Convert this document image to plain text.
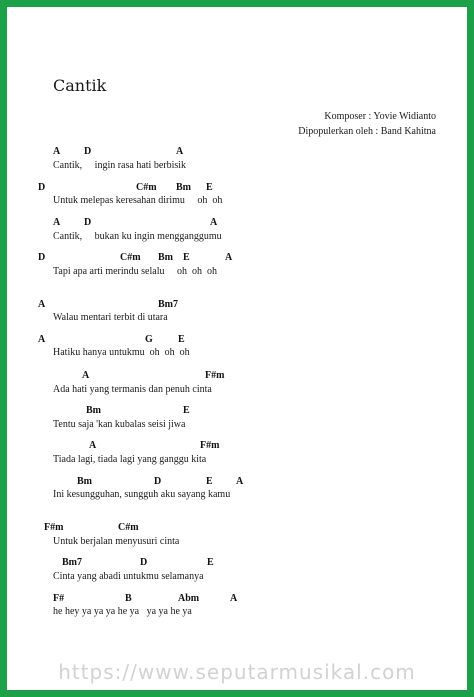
Cantik
Komposer : Yovie Widianto
Dipopulerkan oleh : Band Kahitna
A D	A
Cantik,     ingin rasa hati berbisik
D	C#m Bm E
Untuk melepas keresahan dirimu     oh  oh
A D	A
Cantik,     bukan ku ingin mengganggumu
D	C#m Bm E	A
Tapi apa arti merindu selalu     oh  oh  oh
A	Bm7
Walau mentari terbit di utara
A	G	E
Hatiku hanya untukmu  oh  oh  oh
A	F#m
Ada hati yang termanis dan penuh cinta
Bm	E
Tentu saja 'kan kubalas seisi jiwa
A	F#m
Tiada lagi, tiada lagi yang ganggu kita
Bm	D	E A
Ini kesungguhan, sungguh aku sayang kamu
F#m	C#m
Untuk berjalan menyusuri cinta
Bm7	D	E
Cinta yang abadi untukmu selamanya
F#	B	Abm	A
he hey ya ya ya he ya   ya ya he ya
https://www.seputarmusikal.com
